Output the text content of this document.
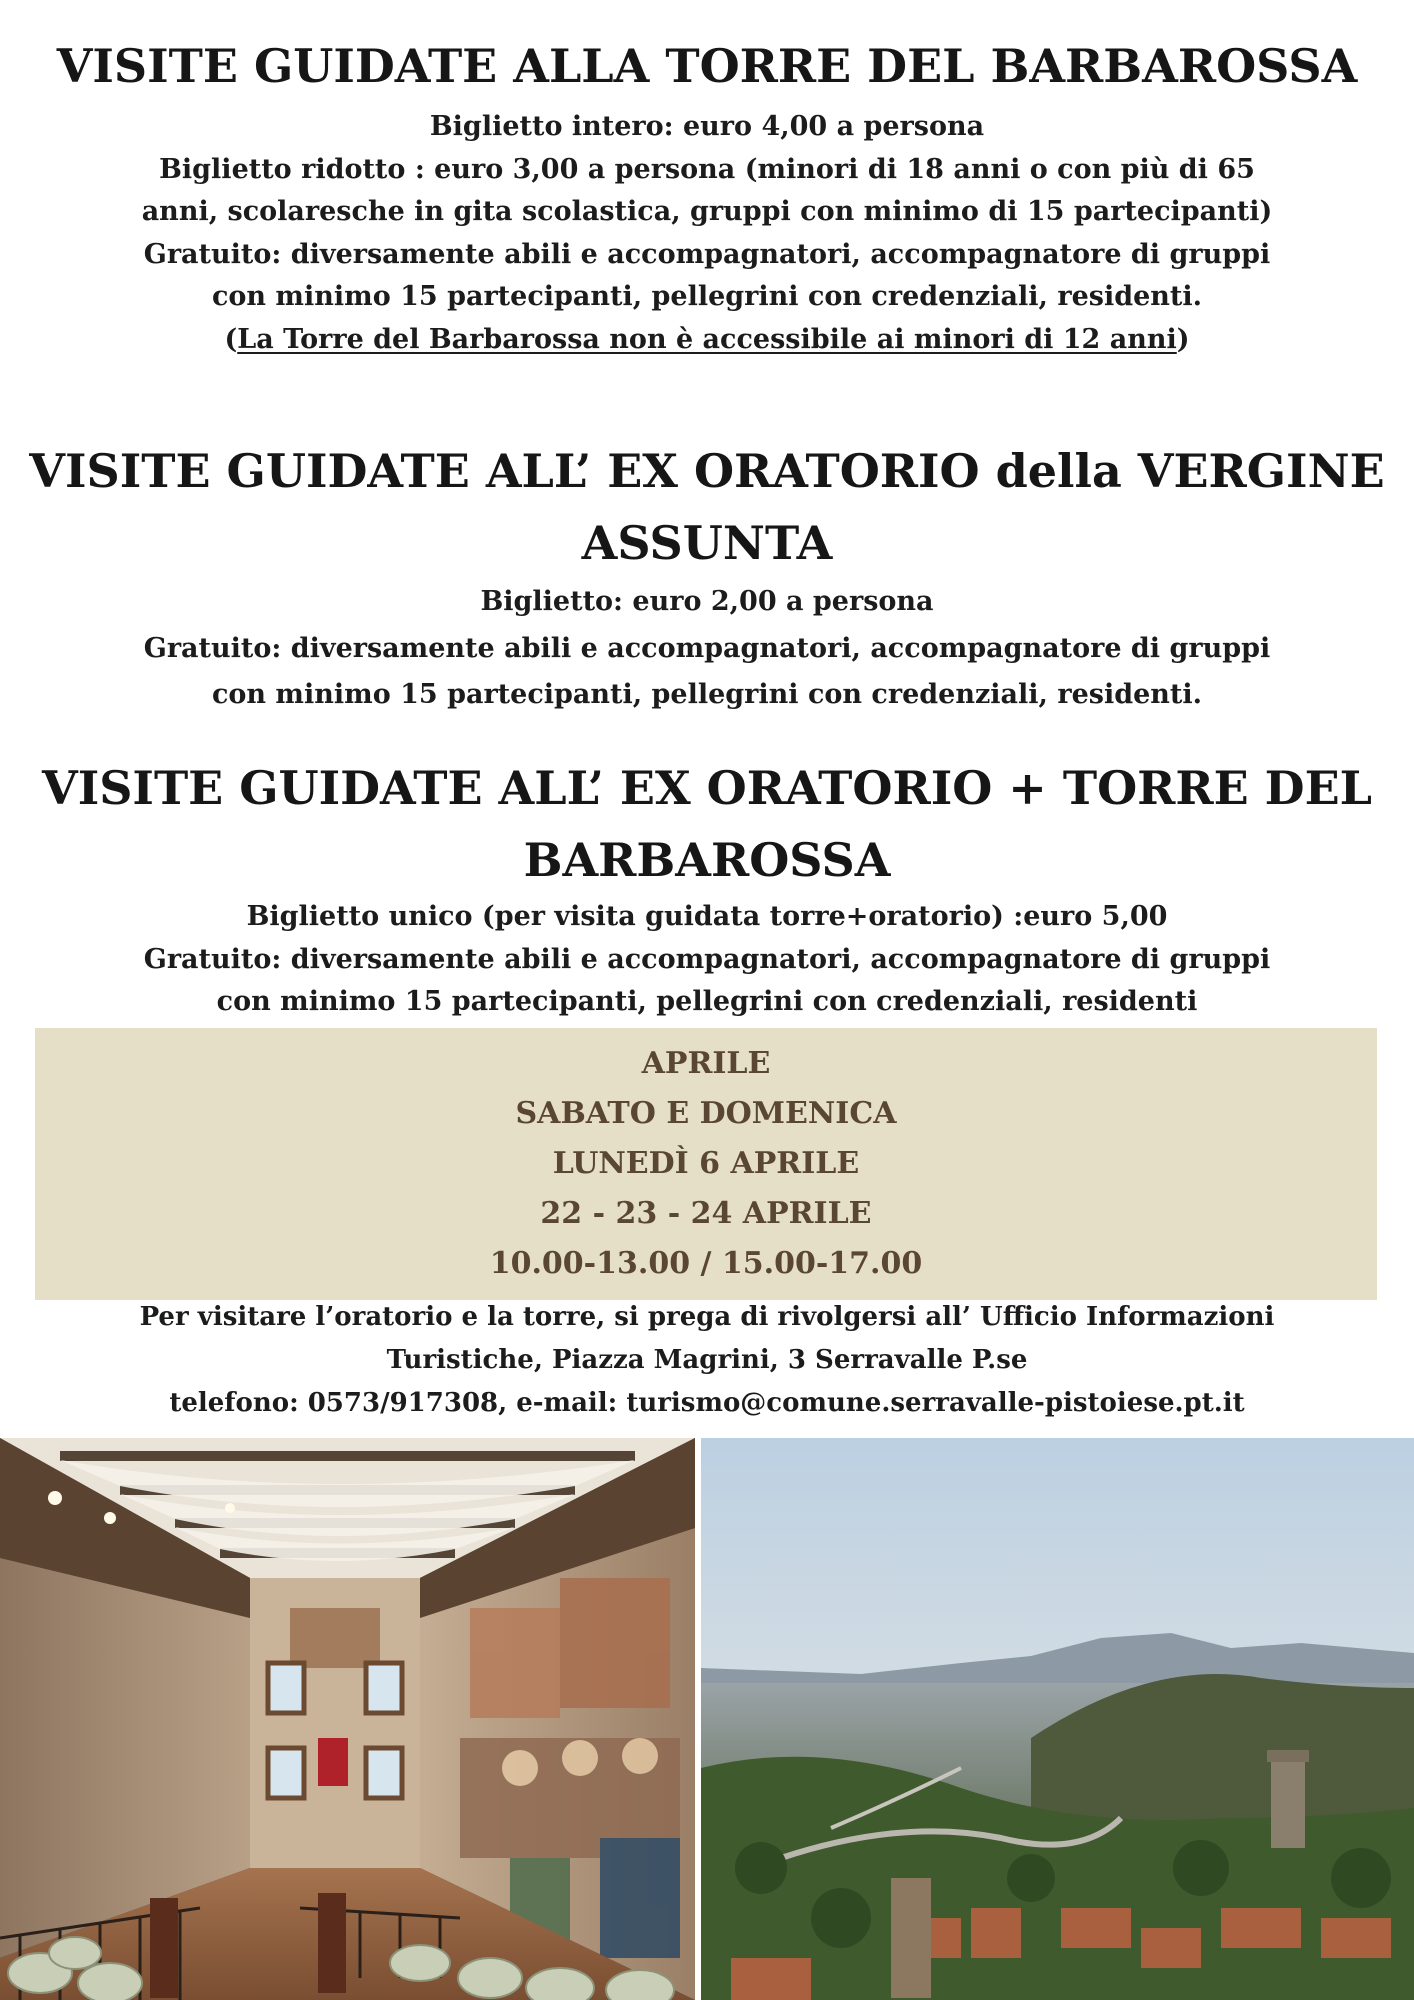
VISITE GUIDATE ALLA TORRE DEL BARBAROSSA
Biglietto intero: euro 4,00 a persona
Biglietto ridotto : euro 3,00 a persona (minori di 18 anni o con più di 65
anni, scolaresche in gita scolastica, gruppi con minimo di 15 partecipanti)
Gratuito: diversamente abili e accompagnatori, accompagnatore di gruppi
con minimo 15 partecipanti, pellegrini con credenziali, residenti.
(La Torre del Barbarossa non è accessibile ai minori di 12 anni)
VISITE GUIDATE ALL’ EX ORATORIO della VERGINE
ASSUNTA
Biglietto: euro 2,00 a persona
Gratuito: diversamente abili e accompagnatori, accompagnatore di gruppi
con minimo 15 partecipanti, pellegrini con credenziali, residenti.
VISITE GUIDATE ALL’ EX ORATORIO + TORRE DEL
BARBAROSSA
Biglietto unico (per visita guidata torre+oratorio) :euro 5,00
Gratuito: diversamente abili e accompagnatori, accompagnatore di gruppi
con minimo 15 partecipanti, pellegrini con credenziali, residenti
APRILE
SABATO E DOMENICA
LUNEDÌ 6 APRILE
22 - 23 - 24 APRILE
10.00-13.00 / 15.00-17.00
Per visitare l’oratorio e la torre, si prega di rivolgersi all’ Ufficio Informazioni
Turistiche, Piazza Magrini, 3 Serravalle P.se
telefono: 0573/917308, e-mail: turismo@comune.serravalle-pistoiese.pt.it
